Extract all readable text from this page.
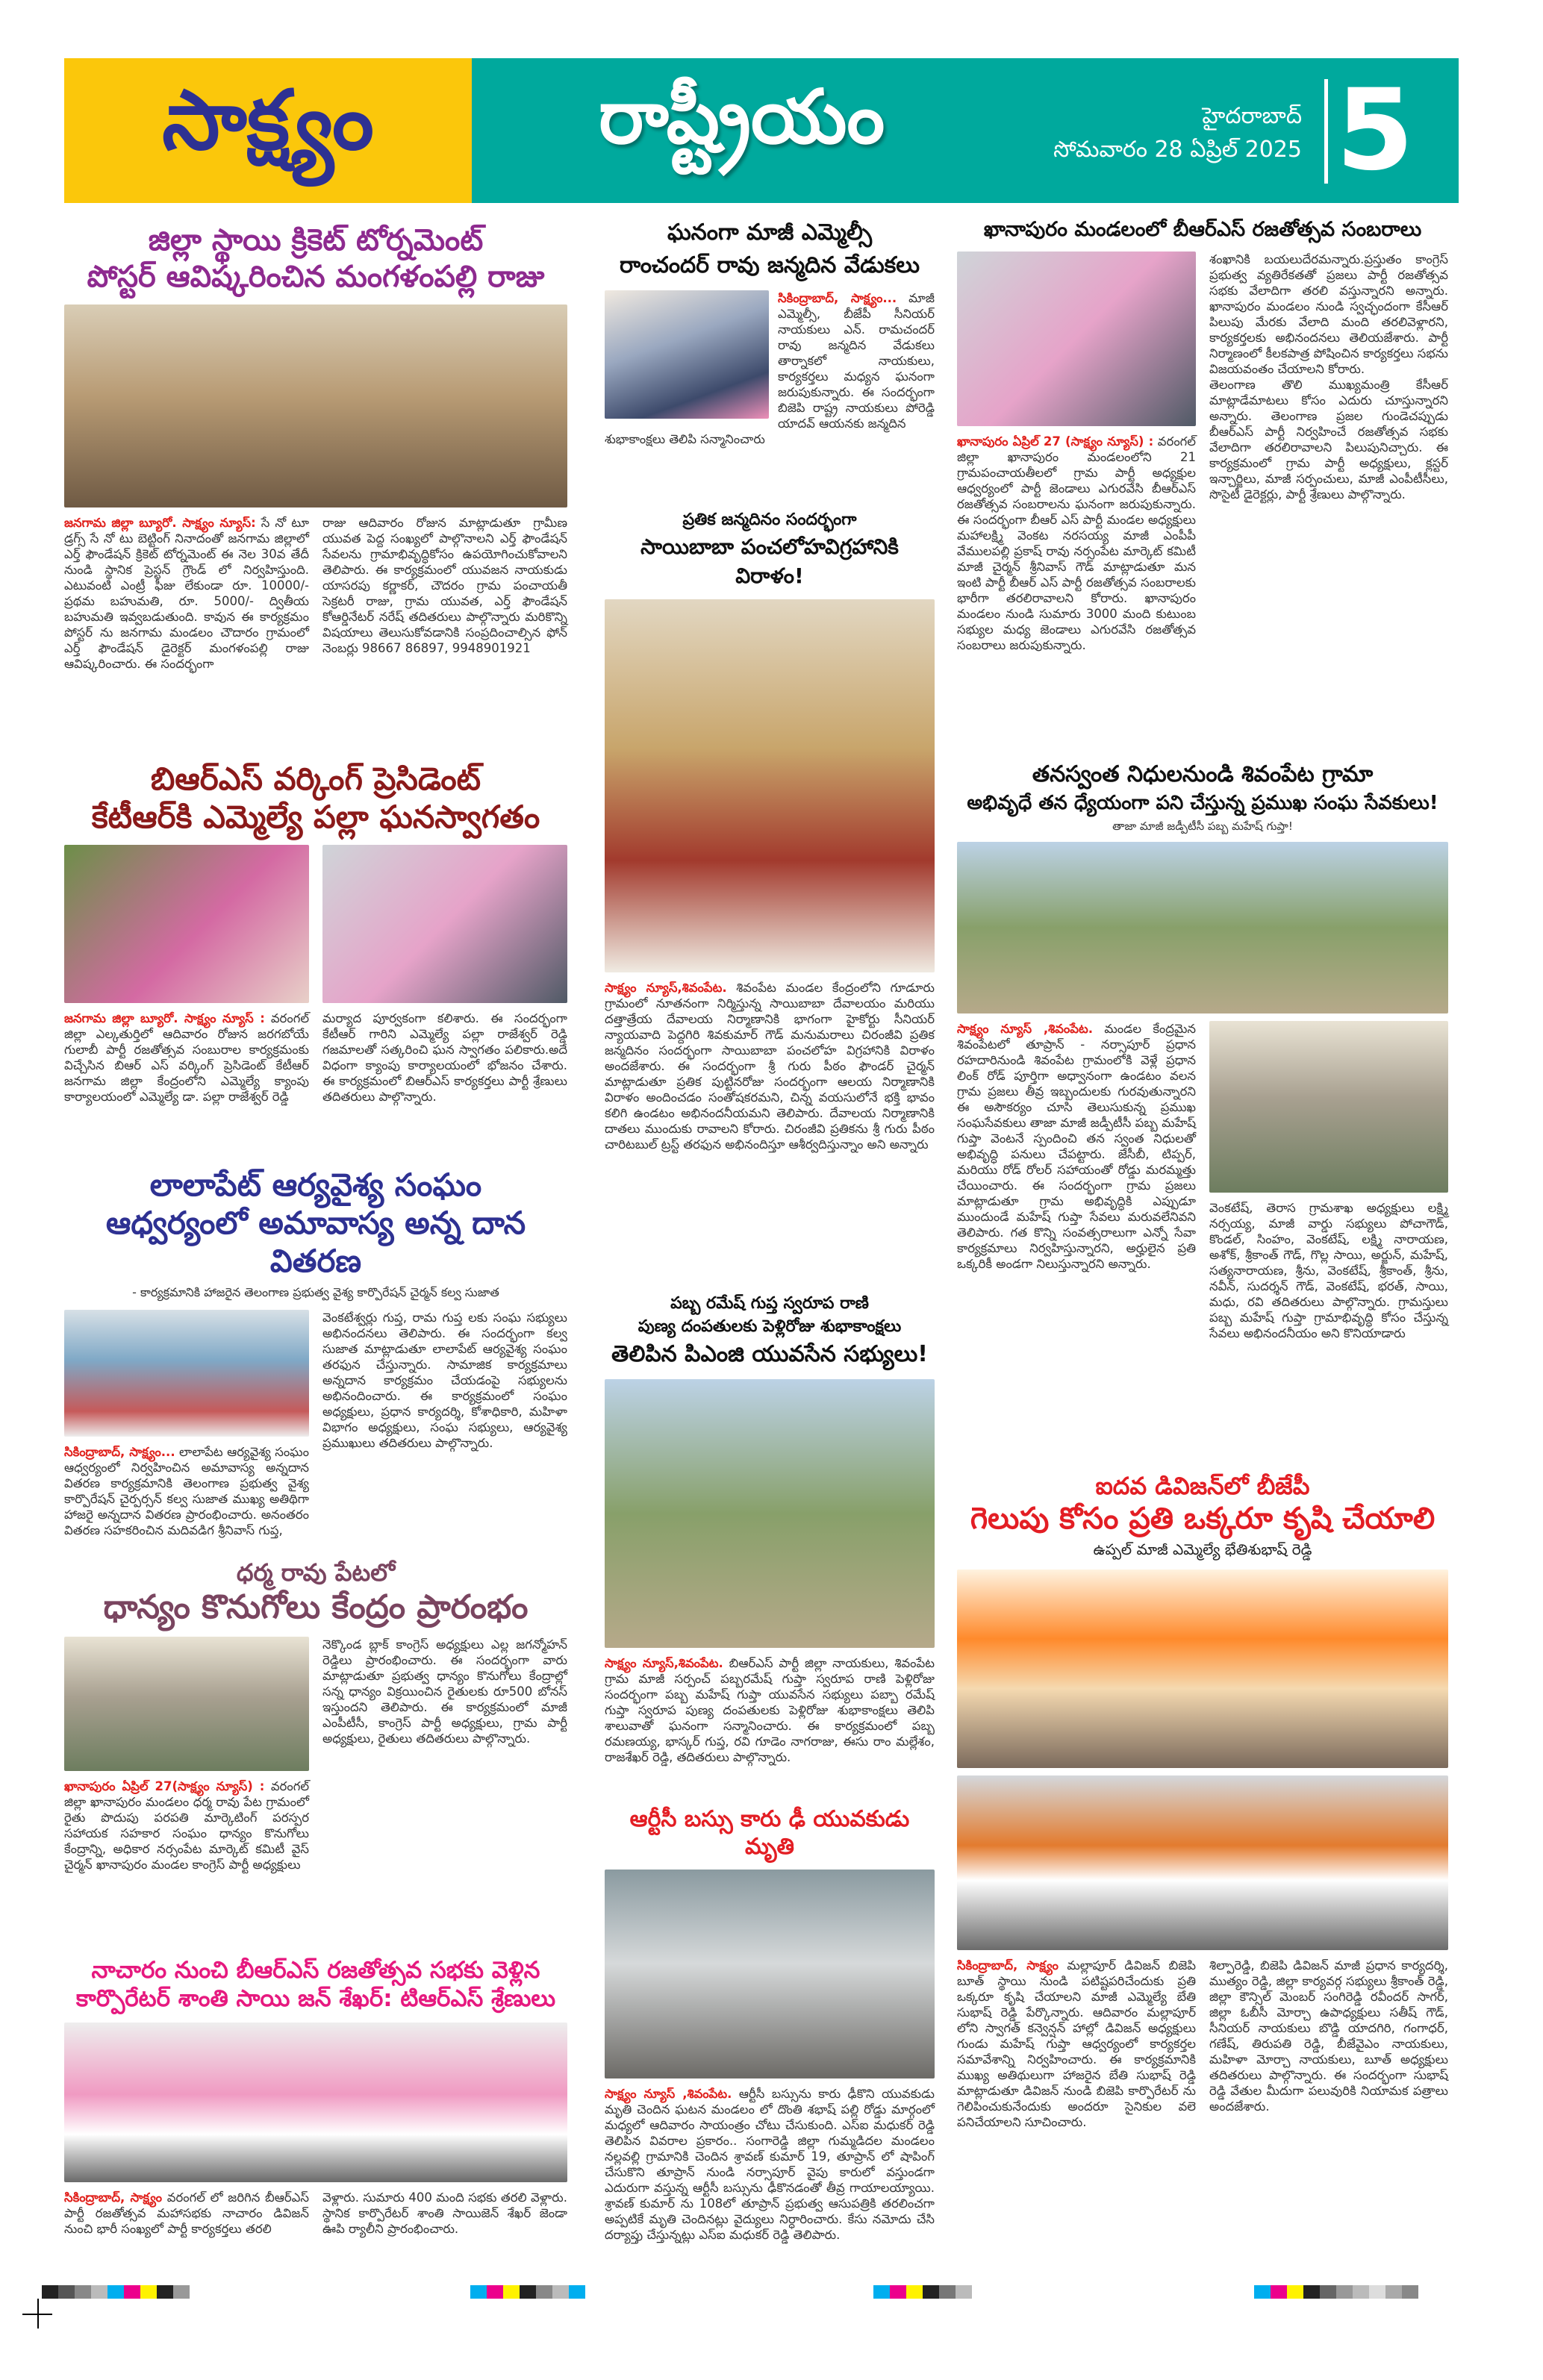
సాక్ష్యం	రాష్ట్రీయం	హైదరాబాద్
సోమవారం 28 ఏప్రిల్ 2025 5
జిల్లా స్థాయి క్రికెట్ టోర్నమెంట్
పోస్టర్ ఆవిష్కరించిన మంగళంపల్లి రాజు
జనగామ జిల్లా బ్యూరో. సాక్ష్యం న్యూస్: సే నో టూ డ్రగ్స్ సే నో టు బెట్టింగ్ నినాదంతో జనగామ జిల్లాలో ఎర్త్ ఫౌండేషన్ క్రికెట్ టోర్నమెంట్ ఈ నెల 30వ తేదీ నుండి స్థానిక ప్రెస్టన్ గ్రౌండ్ లో నిర్వహిస్తుంది. ఎటువంటి ఎంట్రీ ఫీజు లేకుండా రూ. 10000/- ప్రథమ బహుమతి, రూ. 5000/- ద్వితీయ బహుమతి ఇవ్వబడుతుంది. కావున ఈ కార్యక్రమం పోస్టర్ ను జనగామ మండలం చౌదారం గ్రామంలో ఎర్త్ ఫౌండేషన్ డైరెక్టర్ మంగళంపల్లి రాజు ఆవిష్కరించారు. ఈ సందర్భంగా
రాజు ఆదివారం రోజున మాట్లాడుతూ గ్రామీణ యువత పెద్ద సంఖ్యలో పాల్గొనాలని ఎర్త్ ఫౌండేషన్ సేవలను గ్రామాభివృద్ధికోసం ఉపయోగించుకోవాలని తెలిపారు. ఈ కార్యక్రమంలో యువజన నాయకుడు యాసరపు కర్ణాకర్, చౌదరం గ్రామ పంచాయతీ సెక్రటరీ రాజు, గ్రామ యువత, ఎర్త్ ఫౌండేషన్ కోఆర్డినేటర్ నరేష్ తదితరులు పాల్గొన్నారు మరికొన్ని విషయాలు తెలుసుకోవడానికి సంప్రదించాల్సిన ఫోన్ నెంబర్లు 98667 86897, 9948901921
బిఆర్ఎస్ వర్కింగ్ ప్రెసిడెంట్
కేటీఆర్‌కి ఎమ్మెల్యే పల్లా ఘనస్వాగతం
జనగామ జిల్లా బ్యూరో. సాక్ష్యం న్యూస్ : వరంగల్ జిల్లా ఎల్కతుర్తిలో ఆదివారం రోజున జరగబోయే గులాబీ పార్టీ రజతోత్సవ సంబురాల కార్యక్రమంకు విచ్చేసిన బిఆర్ ఎస్ వర్కింగ్ ప్రెసిడెంట్ కేటీఆర్ జనగామ జిల్లా కేంద్రంలోని ఎమ్మెల్యే క్యాంపు కార్యాలయంలో ఎమ్మెల్యే డా. పల్లా రాజేశ్వర్ రెడ్డి
మర్యాద పూర్వకంగా కలిశారు. ఈ సందర్భంగా కేటీఆర్ గారిని ఎమ్మెల్యే పల్లా రాజేశ్వర్ రెడ్డి గజమాలతో సత్కరించి ఘన స్వాగతం పలికారు.అదే విధంగా క్యాంపు కార్యాలయంలో భోజనం చేశారు. ఈ కార్యక్రమంలో బిఆర్ఎస్ కార్యకర్తలు పార్టీ శ్రేణులు తదితరులు పాల్గొన్నారు.
లాలాపేట్ ఆర్యవైశ్య సంఘం
ఆధ్వర్యంలో అమావాస్య అన్న దాన వితరణ
- కార్యక్రమానికి హాజరైన తెలంగాణ ప్రభుత్వ వైశ్య కార్పొరేషన్ చైర్మన్ కల్వ సుజాత
సికింద్రాబాద్, సాక్ష్యం... లాలాపేట ఆర్యవైశ్య సంఘం ఆధ్వర్యంలో నిర్వహించిన అమావాస్య అన్నదాన వితరణ కార్యక్రమానికి తెలంగాణ ప్రభుత్వ వైశ్య కార్పొరేషన్ చైర్పర్సన్ కల్వ సుజాత ముఖ్య అతిథిగా హాజరై అన్నదాన వితరణ ప్రారంభించారు. అనంతరం వితరణ సహకరించిన మదివడిగ శ్రీనివాస్ గుప్త,
వెంకటేశ్వర్లు గుప్త, రామ గుప్త లకు సంఘ సభ్యులు అభినందనలు తెలిపారు. ఈ సందర్భంగా కల్వ సుజాత మాట్లాడుతూ లాలాపేట్ ఆర్యవైశ్య సంఘం తరఫున చేస్తున్నారు. సామాజిక కార్యక్రమాలు అన్నదాన కార్యక్రమం చేయడంపై సభ్యులను అభినందించారు. ఈ కార్యక్రమంలో సంఘం అధ్యక్షులు, ప్రధాన కార్యదర్శి, కోశాధికారి, మహిళా విభాగం అధ్యక్షులు, సంఘ సభ్యులు, ఆర్యవైశ్య ప్రముఖులు తదితరులు పాల్గొన్నారు.
ధర్మ రావు పేటలో
ధాన్యం కొనుగోలు కేంద్రం ప్రారంభం
ఖానాపురం ఏప్రిల్ 27(సాక్ష్యం న్యూస్) : వరంగల్ జిల్లా ఖానాపురం మండలం ధర్మ రావు పేట గ్రామంలో రైతు పొదుపు పరపతి మార్కెటింగ్ పరస్పర సహాయక సహకార సంఘం ధాన్యం కొనుగోలు కేంద్రాన్ని, అధికార నర్సంపేట మార్కెట్ కమిటీ వైస్ చైర్మన్ ఖానాపురం మండల కాంగ్రెస్ పార్టీ అధ్యక్షులు
నెక్కొండ బ్లాక్ కాంగ్రెస్ అధ్యక్షులు ఎల్ల జగన్మోహన్ రెడ్డిలు ప్రారంభించారు. ఈ సందర్భంగా వారు మాట్లాడుతూ ప్రభుత్వ ధాన్యం కొనుగోలు కేంద్రాల్లో సన్న ధాన్యం విక్రయించిన రైతులకు రూ500 బోనస్ ఇస్తుందని తెలిపారు. ఈ కార్యక్రమంలో మాజీ ఎంపీటీసీ, కాంగ్రెస్ పార్టీ అధ్యక్షులు, గ్రామ పార్టీ అధ్యక్షులు, రైతులు తదితరులు పాల్గొన్నారు.
నాచారం నుంచి బీఆర్ఎస్ రజతోత్సవ సభకు వెళ్లిన
కార్పొరేటర్ శాంతి సాయి జన్ శేఖర్: టిఆర్ఎస్ శ్రేణులు
సికింద్రాబాద్, సాక్ష్యం వరంగల్ లో జరిగిన బీఆర్ఎస్ పార్టీ రజతోత్సవ మహాసభకు నాచారం డివిజన్ నుంచి భారీ సంఖ్యలో పార్టీ కార్యకర్తలు తరలి
వెళ్లారు. సుమారు 400 మంది సభకు తరలి వెళ్లారు. స్థానిక కార్పొరేటర్ శాంతి సాయిజెన్ శేఖర్ జెండా ఊపి ర్యాలీని ప్రారంభించారు.
ఘనంగా మాజీ ఎమ్మెల్సీ
రాంచందర్ రావు జన్మదిన వేడుకలు
సికింద్రాబాద్, సాక్ష్యం... మాజీ ఎమ్మెల్సీ, బీజేపీ సీనియర్ నాయకులు ఎన్. రామచందర్ రావు జన్మదిన వేడుకలు తార్నాకలో నాయకులు, కార్యకర్తలు మధ్యన ఘనంగా జరుపుకున్నారు. ఈ సందర్భంగా బిజెపి రాష్ట్ర నాయకులు పోరెడ్డి యాదవ్ ఆయనకు జన్మదిన
శుభాకాంక్షలు తెలిపి సన్మానించారు
ప్రతిక జన్మదినం సందర్భంగా
సాయిబాబా పంచలోహవిగ్రహానికి విరాళం!
సాక్ష్యం న్యూస్,శివంపేట. శివంపేట మండల కేంద్రంలోని గూడూరు గ్రామంలో నూతనంగా నిర్మిస్తున్న సాయిబాబా దేవాలయం మరియు దత్తాత్రేయ దేవాలయ నిర్మాణానికి భాగంగా హైకోర్టు సీనియర్ న్యాయవాది పెద్దగిరి శివకుమార్ గౌడ్ మనుమరాలు చిరంజీవి ప్రతిక జన్మదినం సందర్భంగా సాయిబాబా పంచలోహ విగ్రహానికి విరాళం అందజేశారు. ఈ సందర్భంగా శ్రీ గురు పీఠం ఫౌండర్ చైర్మన్ మాట్లాడుతూ ప్రతిక పుట్టినరోజు సందర్భంగా ఆలయ నిర్మాణానికి విరాళం అందించడం సంతోషకరమని, చిన్న వయసులోనే భక్తి భావం కలిగి ఉండటం అభినందనీయమని తెలిపారు. దేవాలయ నిర్మాణానికి దాతలు ముందుకు రావాలని కోరారు. చిరంజీవి ప్రతికను శ్రీ గురు పీఠం చారిటబుల్ ట్రస్ట్ తరఫున అభినందిస్తూ ఆశీర్వదిస్తున్నాం అని అన్నారు
పబ్బ రమేష్ గుప్త స్వరూప రాణి
పుణ్య దంపతులకు పెళ్లిరోజు శుభాకాంక్షలు
తెలిపిన పిఎంజి యువసేన సభ్యులు!
సాక్ష్యం న్యూస్,శివంపేట. బిఆర్ఎస్ పార్టీ జిల్లా నాయకులు, శివంపేట గ్రామ మాజీ సర్పంచ్ పబ్బరమేష్ గుప్తా స్వరూప రాణి పెళ్లిరోజు సందర్భంగా పబ్బ మహేష్ గుప్తా యువసేన సభ్యులు పబ్బా రమేష్ గుప్తా స్వరూప పుణ్య దంపతులకు పెళ్లిరోజు శుభాకాంక్షలు తెలిపి శాలువాతో ఘనంగా సన్మానించారు. ఈ కార్యక్రమంలో పబ్బ రమణయ్య, భాస్కర్ గుప్త, రవి గూడెం నాగరాజు, ఈసు రాం మల్లేశం, రాజశేఖర్ రెడ్డి, తదితరులు పాల్గొన్నారు.
ఆర్టీసీ బస్సు కారు ఢీ యువకుడు మృతి
సాక్ష్యం న్యూస్ ,శివంపేట. ఆర్టీసీ బస్సును కారు ఢీకొని యువకుడు మృతి చెందిన ఘటన మండలం లో దొంతి శభాష్ పల్లి రోడ్డు మార్గంలో మధ్యలో ఆదివారం సాయంత్రం చోటు చేసుకుంది. ఎస్ఐ మధుకర్ రెడ్డి తెలిపిన వివరాల ప్రకారం.. సంగారెడ్డి జిల్లా గుమ్మడిదల మండలం నల్లవల్లి గ్రామానికి చెందిన శ్రావణ్ కుమార్ 19, తూప్రాన్ లో షాపింగ్ చేసుకొని తూప్రాన్ నుండి నర్సాపూర్ వైపు కారులో వస్తుండగా ఎదురుగా వస్తున్న ఆర్టీసీ బస్సును ఢీకొనడంతో తీవ్ర గాయాలయ్యాయి. శ్రావణ్ కుమార్ ను 108లో తూప్రాన్ ప్రభుత్వ ఆసుపత్రికి తరలించగా అప్పటికే మృతి చెందినట్లు వైద్యులు నిర్ధారించారు. కేసు నమోదు చేసి దర్యాప్తు చేస్తున్నట్లు ఎస్ఐ మధుకర్ రెడ్డి తెలిపారు.
ఖానాపురం మండలంలో బీఆర్ఎస్ రజతోత్సవ సంబరాలు
ఖానాపురం ఏప్రిల్ 27 (సాక్ష్యం న్యూస్) : వరంగల్ జిల్లా ఖానాపురం మండలంలోని 21 గ్రామపంచాయతీలలో గ్రామ పార్టీ అధ్యక్షుల ఆధ్వర్యంలో పార్టీ జెండాలు ఎగురవేసి బీఆర్ఎస్ రజతోత్సవ సంబరాలను ఘనంగా జరుపుకున్నారు. ఈ సందర్భంగా బీఆర్ ఎస్ పార్టీ మండల అధ్యక్షులు మహాలక్ష్మి వెంకట నరసయ్య మాజీ ఎంపీపీ వేములపల్లి ప్రకాష్ రావు నర్సంపేట మార్కెట్ కమిటీ మాజీ చైర్మన్ శ్రీనివాస్ గౌడ్ మాట్లాడుతూ మన ఇంటి పార్టీ బీఆర్ ఎస్ పార్టీ రజతోత్సవ సంబరాలకు భారీగా తరలిరావాలని కోరారు. ఖానాపురం మండలం నుండి సుమారు 3000 మంది కుటుంబ సభ్యుల మధ్య జెండాలు ఎగురవేసి రజతోత్సవ సంబరాలు జరుపుకున్నారు.
శంఖానికి బయలుదేరమన్నారు.ప్రస్తుతం కాంగ్రెస్ ప్రభుత్వ వ్యతిరేకతతో ప్రజలు పార్టీ రజతోత్సవ సభకు వేలాదిగా తరలి వస్తున్నారని అన్నారు. ఖానాపురం మండలం నుండి స్వచ్ఛందంగా కేసీఆర్ పిలుపు మేరకు వేలాది మంది తరలివెళ్లారని, కార్యకర్తలకు అభినందనలు తెలియజేశారు. పార్టీ నిర్మాణంలో కీలకపాత్ర పోషించిన కార్యకర్తలు సభను విజయవంతం చేయాలని కోరారు.
తెలంగాణ తొలి ముఖ్యమంత్రి కేసీఆర్ మాట్లాడేమాటలు కోసం ఎదురు చూస్తున్నారని అన్నారు. తెలంగాణ ప్రజల గుండెచప్పుడు బీఆర్ఎస్ పార్టీ నిర్వహించే రజతోత్సవ సభకు వేలాదిగా తరలిరావాలని పిలుపునిచ్చారు. ఈ కార్యక్రమంలో గ్రామ పార్టీ అధ్యక్షులు, క్లస్టర్ ఇన్చార్జిలు, మాజీ సర్పంచులు, మాజీ ఎంపీటీసీలు, సొసైటీ డైరెక్టర్లు, పార్టీ శ్రేణులు పాల్గొన్నారు.
తనస్వంత నిధులనుండి శివంపేట గ్రామా
అభివృధే తన ధ్యేయంగా పని చేస్తున్న ప్రముఖ సంఘ సేవకులు!
తాజా మాజీ జడ్పీటీసీ పబ్బ మహేష్ గుప్తా!
సాక్ష్యం న్యూస్ ,శివంపేట. మండల కేంద్రమైన శివంపేటలో తూప్రాన్ - నర్సాపూర్ ప్రధాన రహదారినుండి శివంపేట గ్రామంలోకి వెళ్లే ప్రధాన లింక్ రోడ్ పూర్తిగా అధ్వానంగా ఉండటం వలన గ్రామ ప్రజలు తీవ్ర ఇబ్బందులకు గురవుతున్నారని ఈ అసౌకర్యం చూసి తెలుసుకున్న ప్రముఖ సంఘసేవకులు తాజా మాజీ జడ్పీటీసీ పబ్బ మహేష్ గుప్తా వెంటనే స్పందించి తన స్వంత నిధులతో అభివృద్ధి పనులు చేపట్టారు. జేసీబీ, టిప్పర్, మరియు రోడ్ రోలర్ సహాయంతో రోడ్డు మరమ్మత్తు చేయించారు. ఈ సందర్భంగా గ్రామ ప్రజలు మాట్లాడుతూ గ్రామ అభివృద్ధికి ఎప్పుడూ ముందుండే మహేష్ గుప్తా సేవలు మరువలేనివని తెలిపారు. గత కొన్ని సంవత్సరాలుగా ఎన్నో సేవా కార్యక్రమాలు నిర్వహిస్తున్నారని, అర్హులైన ప్రతి ఒక్కరికీ అండగా నిలుస్తున్నారని అన్నారు.
వెంకటేష్, తెరాస గ్రామశాఖ అధ్యక్షులు లక్ష్మి నర్సయ్య, మాజీ వార్డు సభ్యులు పోచాగౌడ్, కొండల్, సింహం, వెంకటేష్, లక్ష్మి నారాయణ, అశోక్, శ్రీకాంత్ గౌడ్, గొల్ల సాయి, అర్జున్, మహేష్, సత్యనారాయణ, శ్రీను, వెంకటేష్, శ్రీకాంత్, శ్రీను, నవీన్, సుదర్శన్ గౌడ్, వెంకటేష్, భరత్, సాయి, మధు, రవి తదితరులు పాల్గొన్నారు. గ్రామస్తులు పబ్బ మహేష్ గుప్తా గ్రామాభివృద్ధి కోసం చేస్తున్న సేవలు అభినందనీయం అని కొనియాడారు
ఐదవ డివిజన్‌లో బీజేపీ
గెలుపు కోసం ప్రతి ఒక్కరూ కృషి చేయాలి
ఉప్పల్ మాజీ ఎమ్మెల్యే భేతిశుభాష్ రెడ్డి
సికింద్రాబాద్, సాక్ష్యం మల్లాపూర్ డివిజన్ బిజెపి బూత్ స్థాయి నుండి పటిష్టపరిచేందుకు ప్రతి ఒక్కరూ కృషి చేయాలని మాజీ ఎమ్మెల్యే బేతి సుభాష్ రెడ్డి పేర్కొన్నారు. ఆదివారం మల్లాపూర్ లోని స్వాగత్ కన్వెన్షన్ హాల్లో డివిజన్ అధ్యక్షులు గుండు మహేష్ గుప్తా ఆధ్వర్యంలో కార్యకర్తల సమావేశాన్ని నిర్వహించారు. ఈ కార్యక్రమానికి ముఖ్య అతిథులుగా హాజరైన బేతి సుభాష్ రెడ్డి మాట్లాడుతూ డివిజన్ నుండి బిజెపి కార్పొరేటర్ ను గెలిపించుకునేందుకు అందరూ సైనికుల వలె పనిచేయాలని సూచించారు.
శిల్పారెడ్డి, బిజెపి డివిజన్ మాజీ ప్రధాన కార్యదర్శి, ముత్యం రెడ్డి, జిల్లా కార్యవర్గ సభ్యులు శ్రీకాంత్ రెడ్డి, జిల్లా కౌన్సిల్ మెంబర్ సంగిరెడ్డి రవీందర్ సాగర్, జిల్లా ఓబీసీ మోర్చా ఉపాధ్యక్షులు సతీష్ గౌడ్, సీనియర్ నాయకులు బొడ్డి యాదగిరి, గంగాధర్, గణేష్, తిరుపతి రెడ్డి, బీజేవైఎం నాయకులు, మహిళా మోర్చా నాయకులు, బూత్ అధ్యక్షులు తదితరులు పాల్గొన్నారు. ఈ సందర్భంగా సుభాష్ రెడ్డి వేతుల మీదుగా పలువురికి నియామక పత్రాలు అందజేశారు.
